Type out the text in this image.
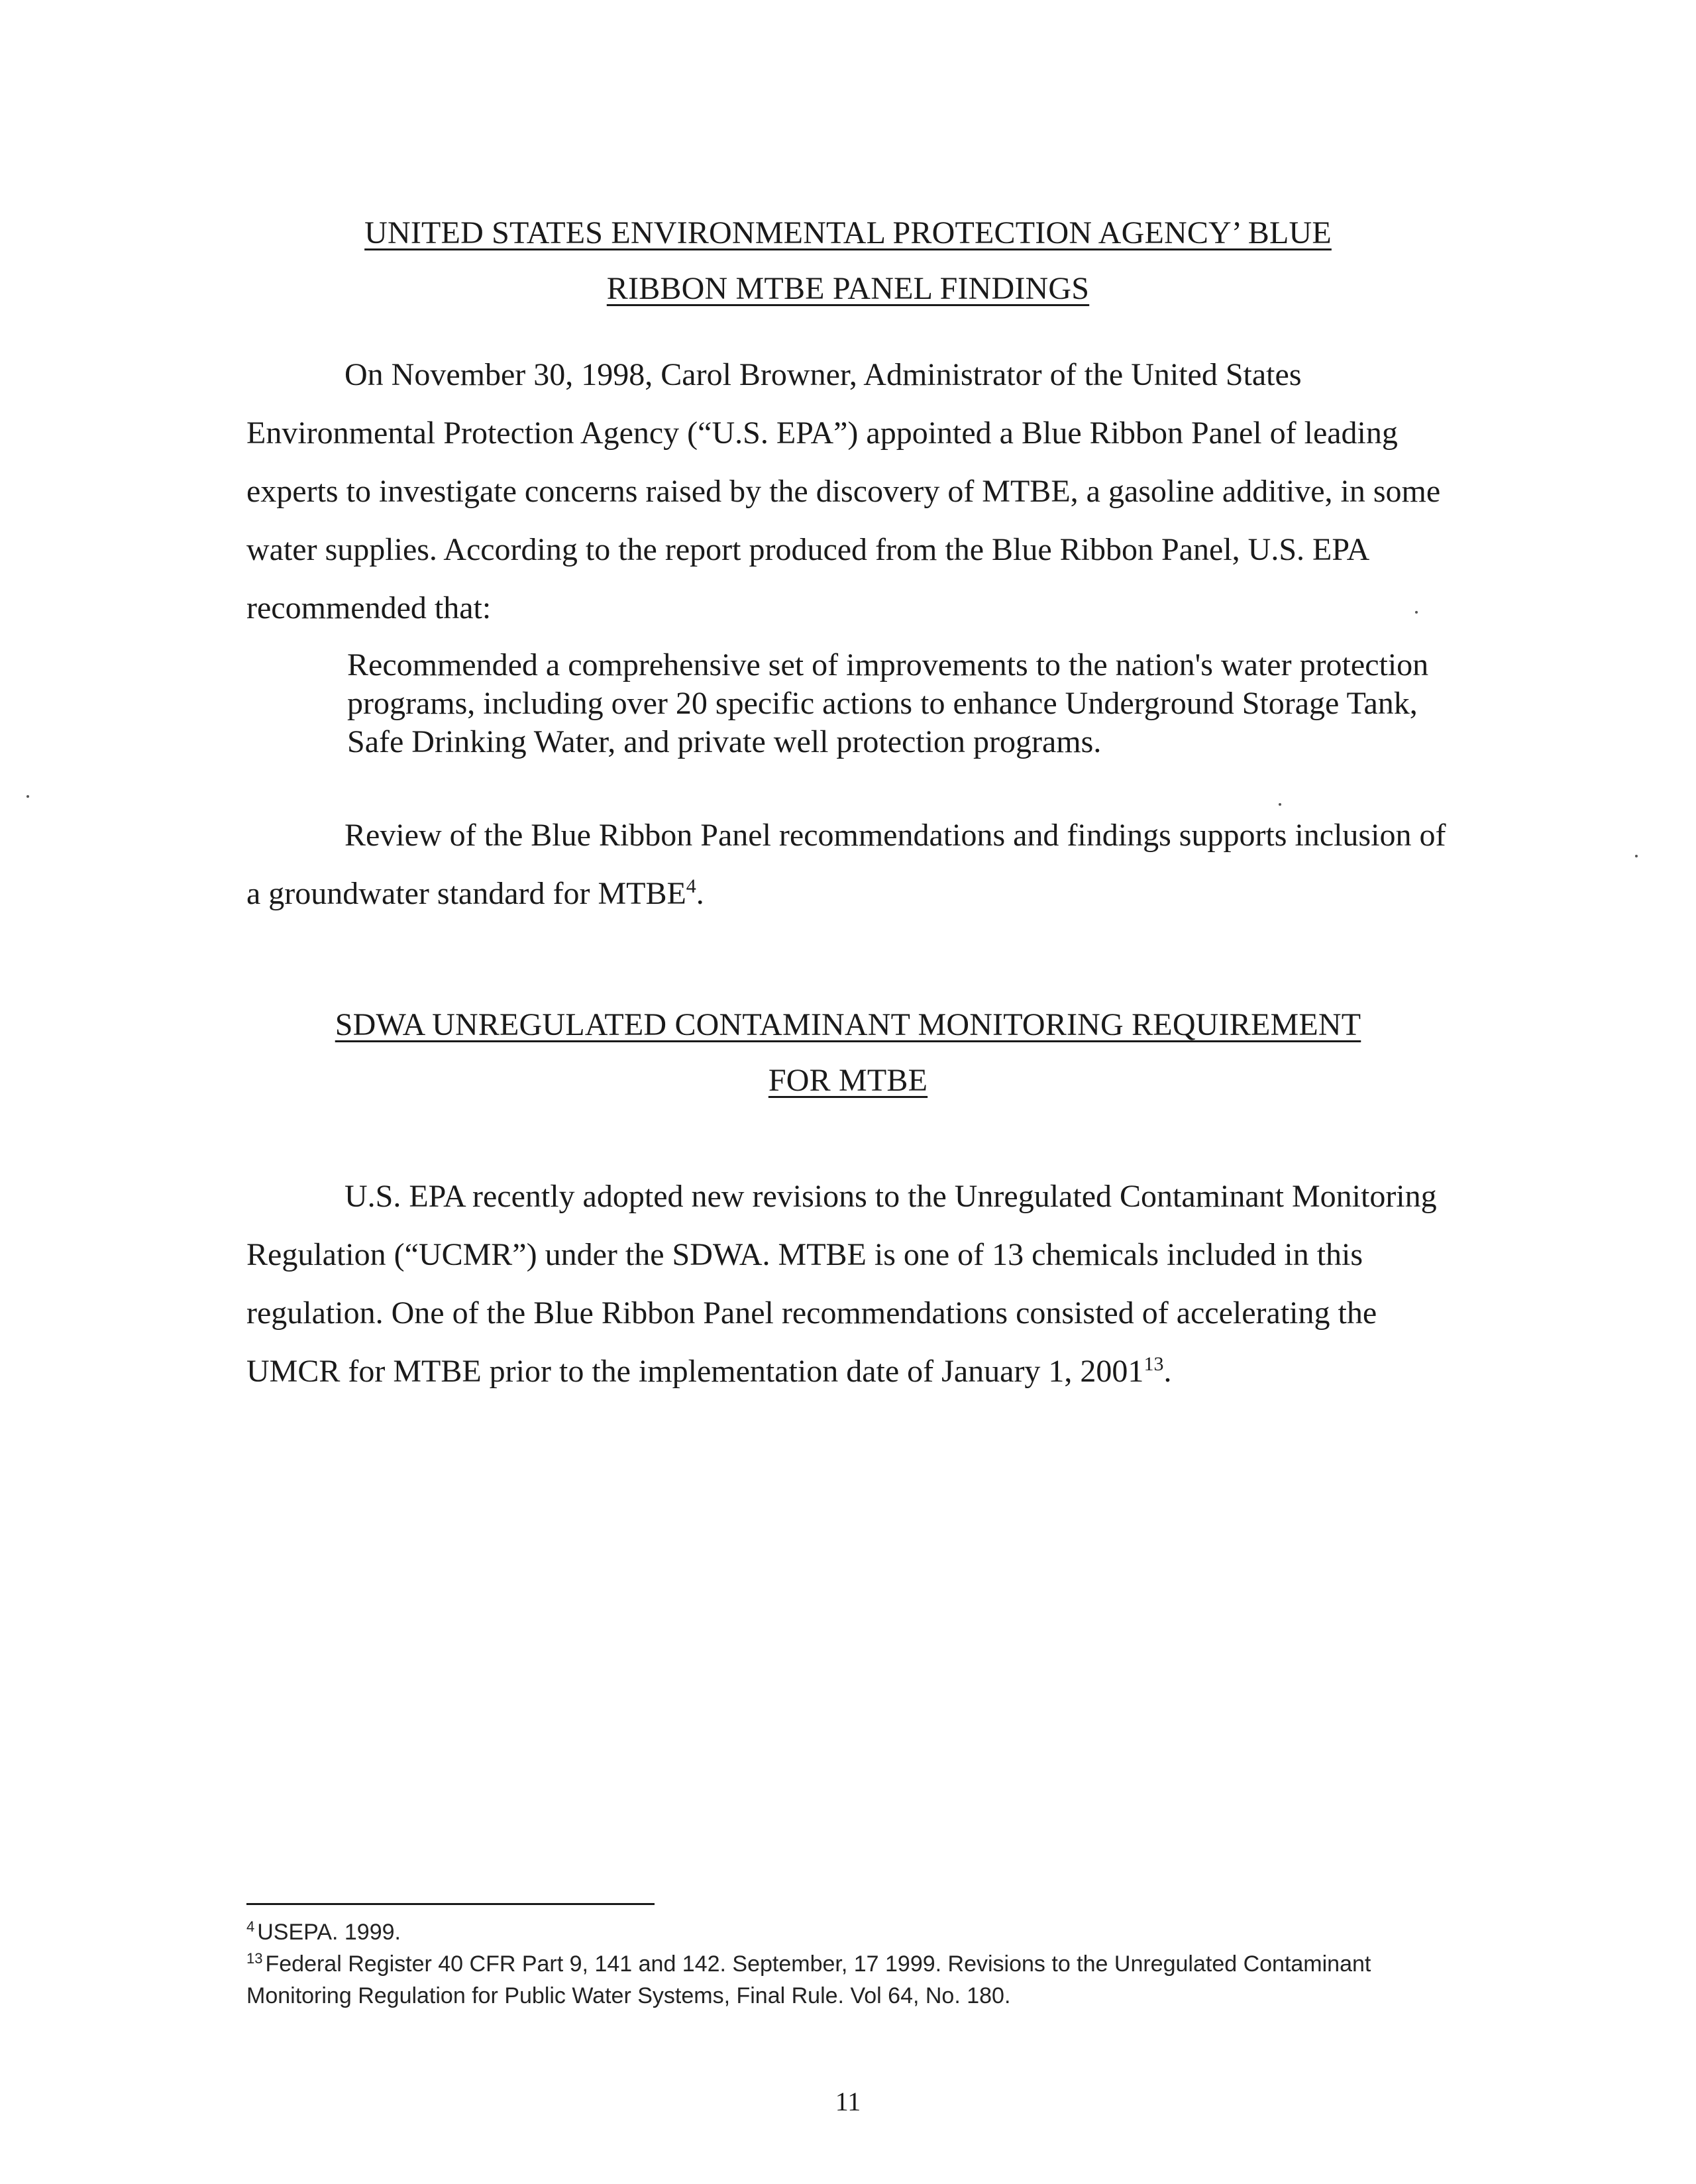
UNITED STATES ENVIRONMENTAL PROTECTION AGENCY’ BLUE
RIBBON MTBE PANEL FINDINGS

On November 30, 1998, Carol Browner, Administrator of the United States Environmental Protection Agency (“U.S. EPA”) appointed a Blue Ribbon Panel of leading experts to investigate concerns raised by the discovery of MTBE, a gasoline additive, in some water supplies. According to the report produced from the Blue Ribbon Panel, U.S. EPA recommended that:

Recommended a comprehensive set of improvements to the nation's water protection programs, including over 20 specific actions to enhance Underground Storage Tank, Safe Drinking Water, and private well protection programs.

Review of the Blue Ribbon Panel recommendations and findings supports inclusion of a groundwater standard for MTBE$^4$.

SDWA UNREGULATED CONTAMINANT MONITORING REQUIREMENT
FOR MTBE

U.S. EPA recently adopted new revisions to the Unregulated Contaminant Monitoring Regulation (“UCMR”) under the SDWA. MTBE is one of 13 chemicals included in this regulation. One of the Blue Ribbon Panel recommendations consisted of accelerating the UMCR for MTBE prior to the implementation date of January 1, 2001$^{13}$.

$^4$ USEPA. 1999.

$^{13}$ Federal Register 40 CFR Part 9, 141 and 142. September, 17 1999. Revisions to the Unregulated Contaminant Monitoring Regulation for Public Water Systems, Final Rule. Vol 64, No. 180.

11
